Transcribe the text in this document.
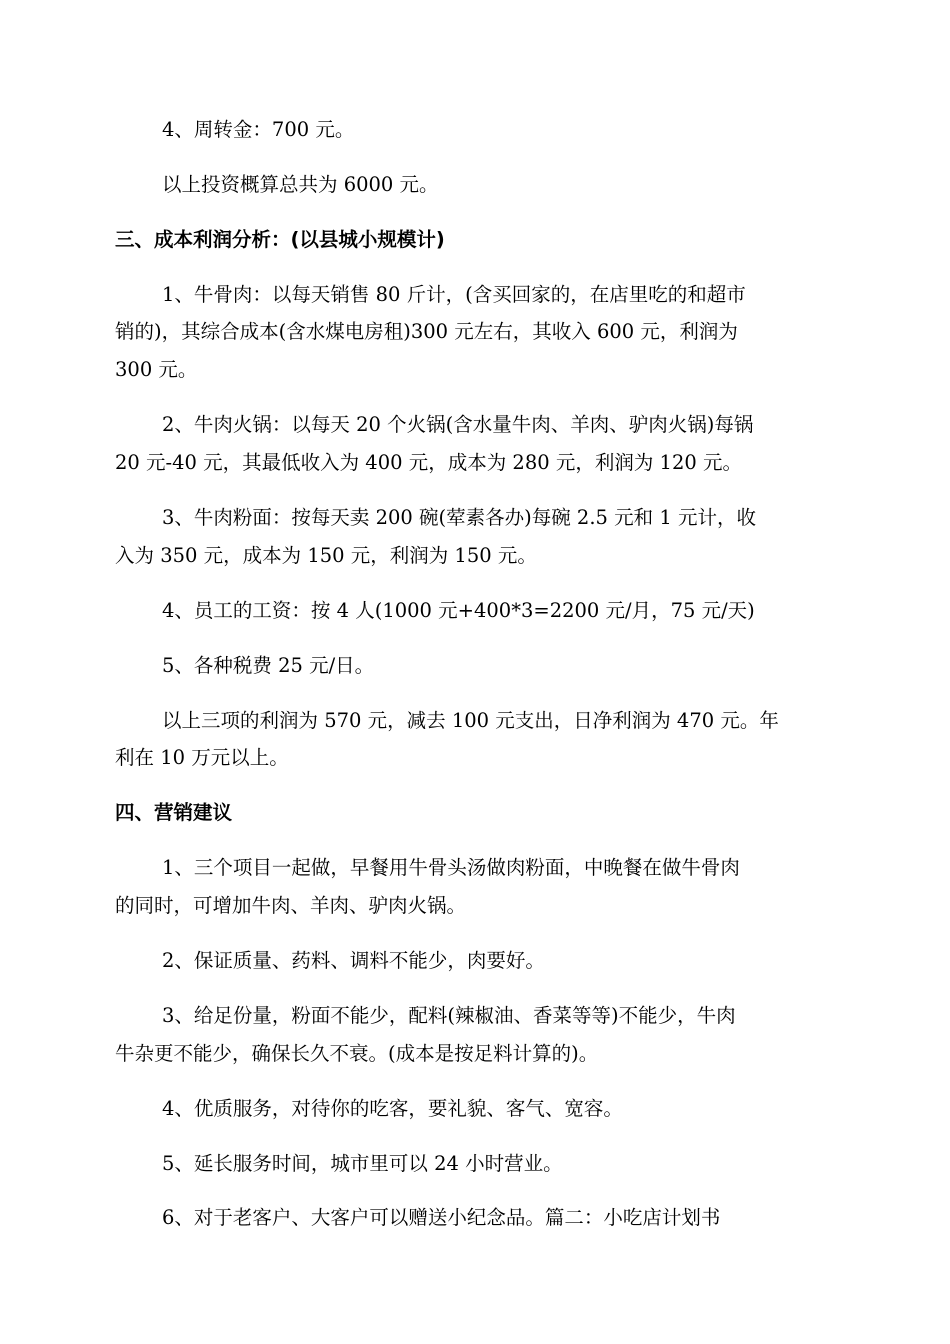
4、周转金：700 元。
以上投资概算总共为 6000 元。
三、成本利润分析：(以县城小规模计)
1、牛骨肉：以每天销售 80 斤计，(含买回家的，在店里吃的和超市
销的)，其综合成本(含水煤电房租)300 元左右，其收入 600 元，利润为
300 元。
2、牛肉火锅：以每天 20 个火锅(含水量牛肉、羊肉、驴肉火锅)每锅
20 元-40 元，其最低收入为 400 元，成本为 280 元，利润为 120 元。
3、牛肉粉面：按每天卖 200 碗(荤素各办)每碗 2.5 元和 1 元计，收
入为 350 元，成本为 150 元，利润为 150 元。
4、员工的工资：按 4 人(1000 元+400*3=2200 元/月，75 元/天)
5、各种税费 25 元/日。
以上三项的利润为 570 元，减去 100 元支出，日净利润为 470 元。年
利在 10 万元以上。
四、营销建议
1、三个项目一起做，早餐用牛骨头汤做肉粉面，中晚餐在做牛骨肉
的同时，可增加牛肉、羊肉、驴肉火锅。
2、保证质量、药料、调料不能少，肉要好。
3、给足份量，粉面不能少，配料(辣椒油、香菜等等)不能少，牛肉
牛杂更不能少，确保长久不衰。(成本是按足料计算的)。
4、优质服务，对待你的吃客，要礼貌、客气、宽容。
5、延长服务时间，城市里可以 24 小时营业。
6、对于老客户、大客户可以赠送小纪念品。篇二：小吃店计划书
